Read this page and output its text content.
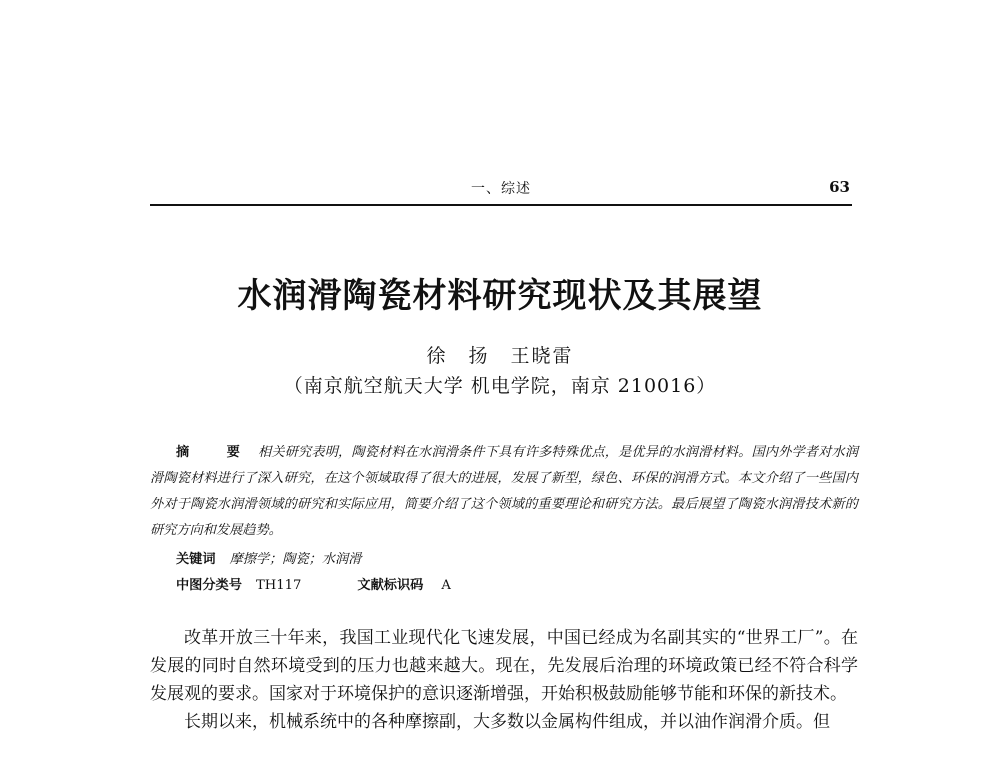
一、综述	63
水润滑陶瓷材料研究现状及其展望
徐　扬　王晓雷
（南京航空航天大学 机电学院，南京 210016）
摘　要 相关研究表明，陶瓷材料在水润滑条件下具有许多特殊优点，是优异的水润滑材料。国内外学者对水润滑陶瓷材料进行了深入研究，在这个领域取得了很大的进展，发展了新型，绿色、环保的润滑方式。本文介绍了一些国内外对于陶瓷水润滑领域的研究和实际应用，简要介绍了这个领域的重要理论和研究方法。最后展望了陶瓷水润滑技术新的研究方向和发展趋势。
关键词 摩擦学；陶瓷；水润滑
中图分类号 TH117	文献标识码 A

改革开放三十年来，我国工业现代化飞速发展，中国已经成为名副其实的“世界工厂”。在发展的同时自然环境受到的压力也越来越大。现在，先发展后治理的环境政策已经不符合科学发展观的要求。国家对于环境保护的意识逐渐增强，开始积极鼓励能够节能和环保的新技术。

长期以来，机械系统中的各种摩擦副，大多数以金属构件组成，并以油作润滑介质。但
